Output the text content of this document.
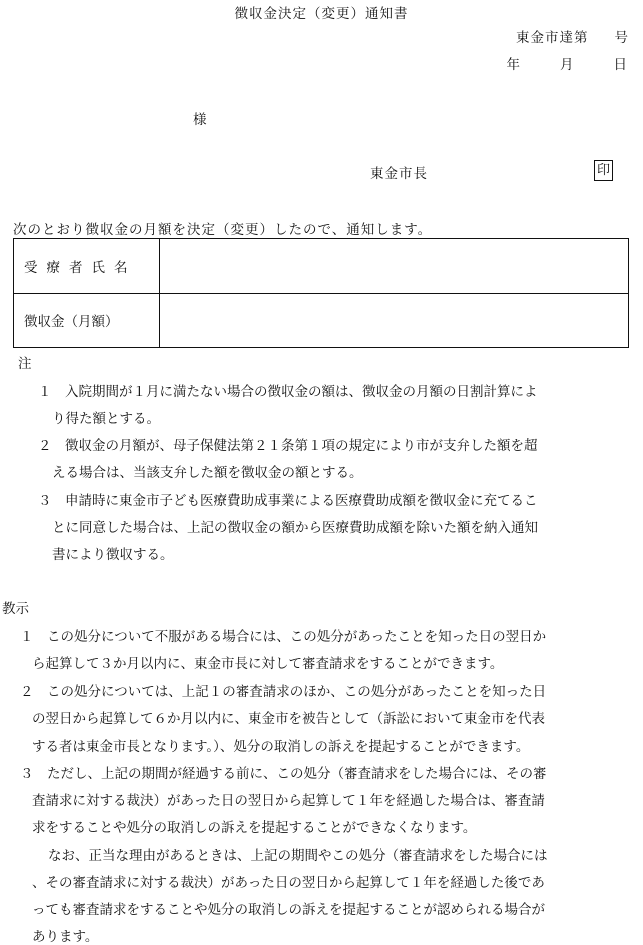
徴収金決定（変更）通知書
東金市達第 号
年	月	日
様
東金市長	印
次のとおり徴収金の月額を決定（変更）したので、通知します。
受療者氏名	
徴収金（月額）	
注
１　入院期間が１月に満たない場合の徴収金の額は、徴収金の月額の日割計算によ
り得た額とする。
２　徴収金の月額が、母子保健法第２１条第１項の規定により市が支弁した額を超
える場合は、当該支弁した額を徴収金の額とする。
３　申請時に東金市子ども医療費助成事業による医療費助成額を徴収金に充てるこ
とに同意した場合は、上記の徴収金の額から医療費助成額を除いた額を納入通知
書により徴収する。
教示
１　この処分について不服がある場合には、この処分があったことを知った日の翌日か
ら起算して３か月以内に、東金市長に対して審査請求をすることができます。
２　この処分については、上記１の審査請求のほか、この処分があったことを知った日
の翌日から起算して６か月以内に、東金市を被告として（訴訟において東金市を代表
する者は東金市長となります。）、処分の取消しの訴えを提起することができます。
３　ただし、上記の期間が経過する前に、この処分（審査請求をした場合には、その審
査請求に対する裁決）があった日の翌日から起算して１年を経過した場合は、審査請
求をすることや処分の取消しの訴えを提起することができなくなります。
なお、正当な理由があるときは、上記の期間やこの処分（審査請求をした場合には
、その審査請求に対する裁決）があった日の翌日から起算して１年を経過した後であ
っても審査請求をすることや処分の取消しの訴えを提起することが認められる場合が
あります。
